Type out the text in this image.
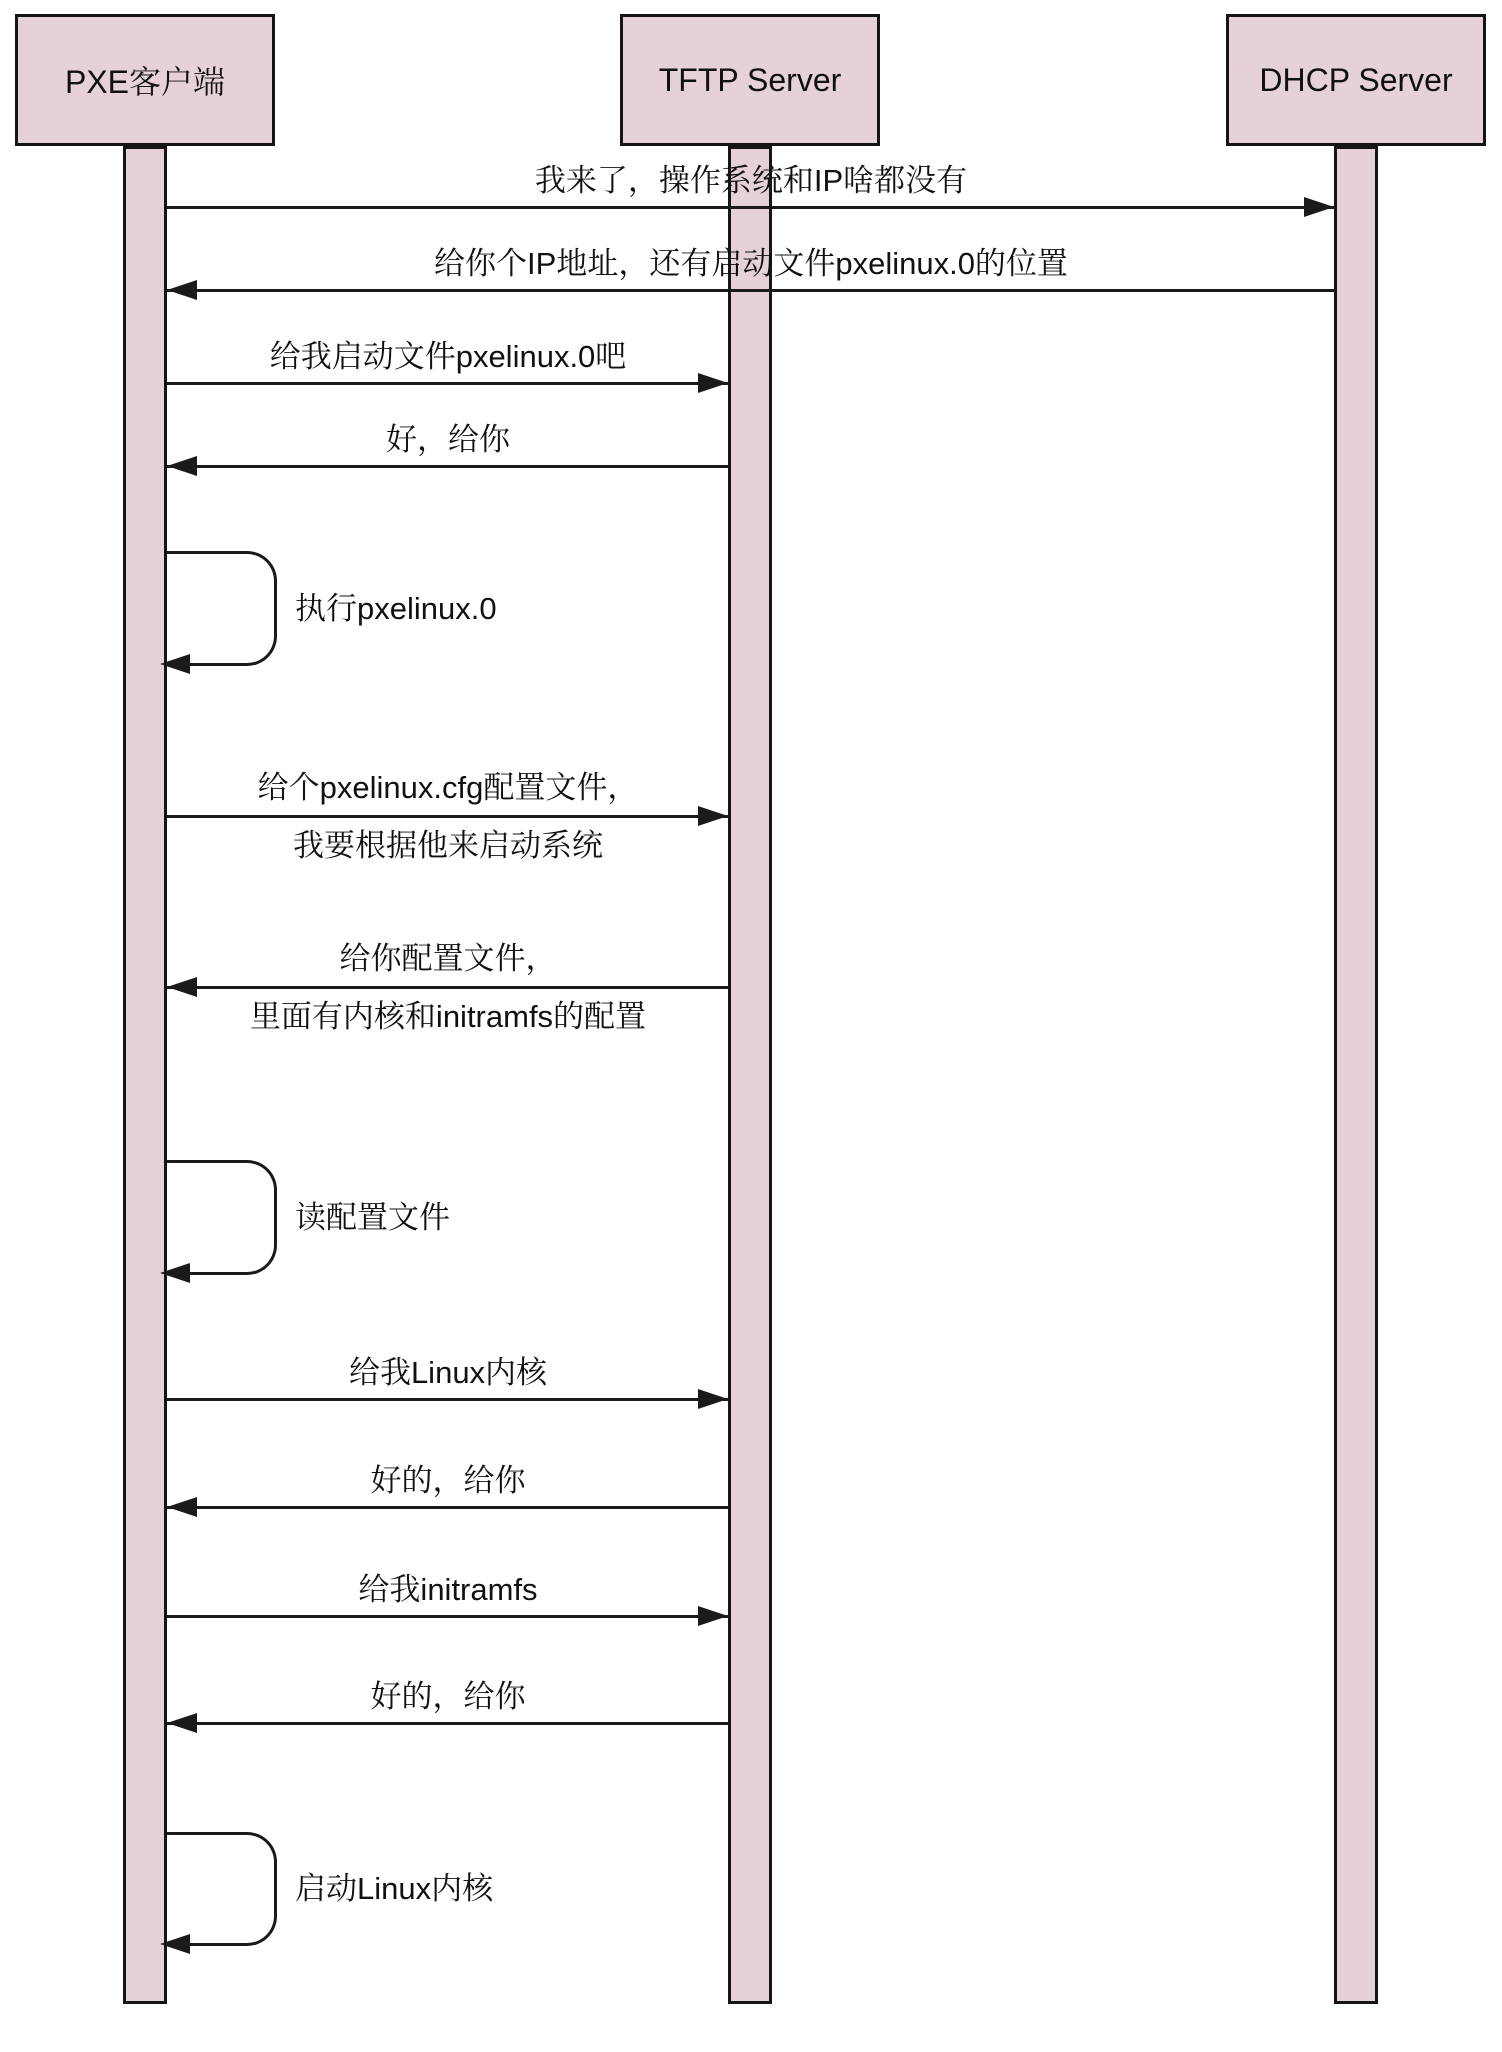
PXE客户端	TFTP Server	DHCP Server
我来了，操作系统和IP啥都没有
给你个IP地址，还有启动文件pxelinux.0的位置
给我启动文件pxelinux.0吧
好，给你
执行pxelinux.0
给个pxelinux.cfg配置文件，
我要根据他来启动系统
给你配置文件，
里面有内核和initramfs的配置
读配置文件
给我Linux内核
好的，给你
给我initramfs
好的，给你
启动Linux内核
